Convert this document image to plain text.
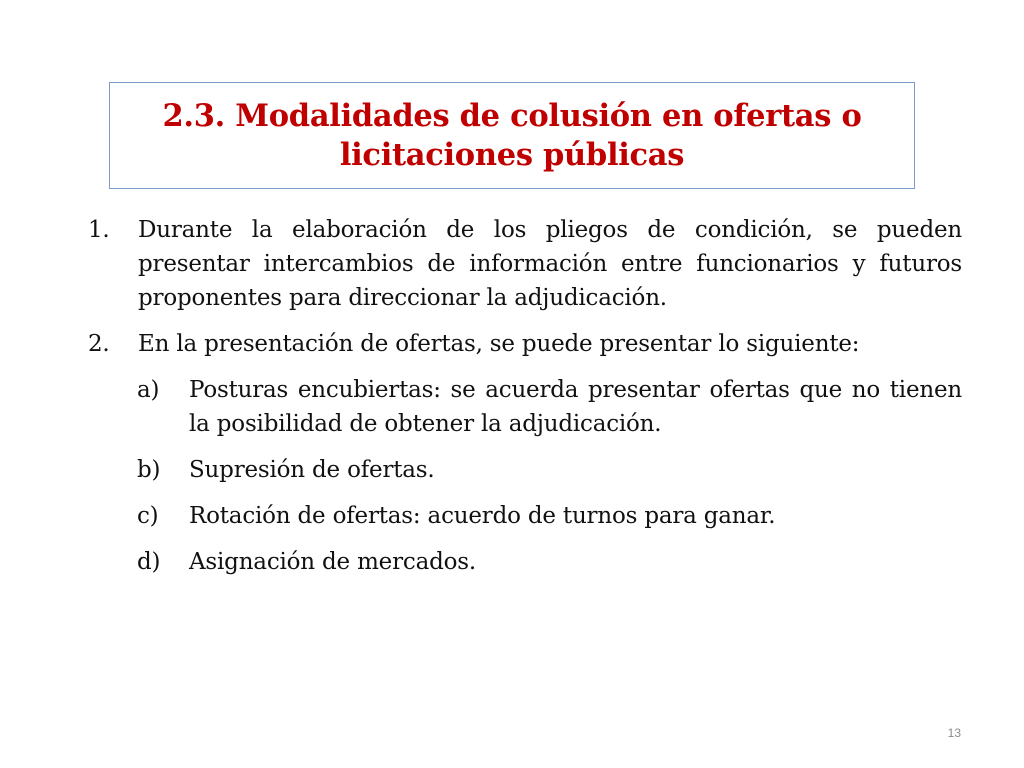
2.3. Modalidades de colusión en ofertas o
licitaciones públicas
1. Durante la elaboración de los pliegos de condición, se pueden presentar intercambios de información entre funcionarios y futuros proponentes para direccionar la adjudicación.
2. En la presentación de ofertas, se puede presentar lo siguiente:
a) Posturas encubiertas: se acuerda presentar ofertas que no tienen la posibilidad de obtener la adjudicación.
b) Supresión de ofertas.
c) Rotación de ofertas: acuerdo de turnos para ganar.
d) Asignación de mercados.
13
